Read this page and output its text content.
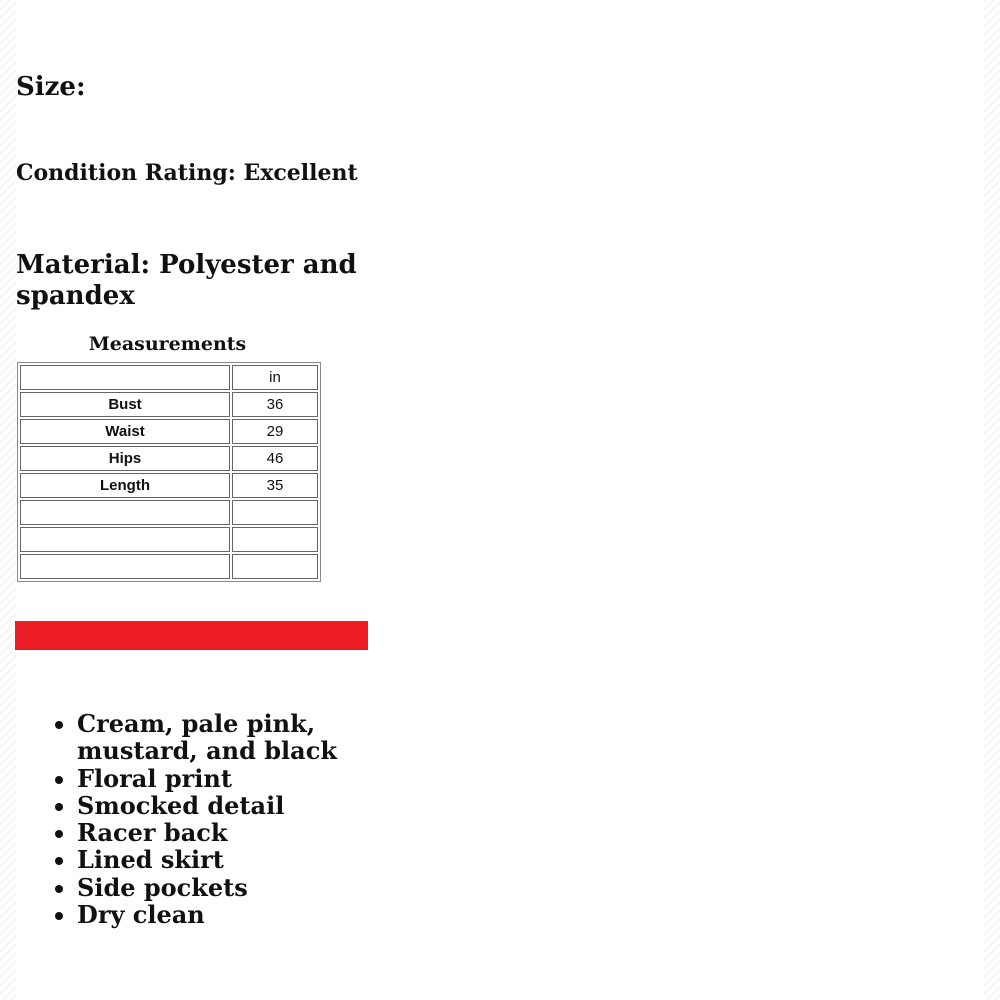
Size:
Condition Rating: Excellent
Material: Polyester and spandex
Measurements
	in
Bust	36
Waist	29
Hips	46
Length	35

• Cream, pale pink, mustard, and black
• Floral print
• Smocked detail
• Racer back
• Lined skirt
• Side pockets
• Dry clean
